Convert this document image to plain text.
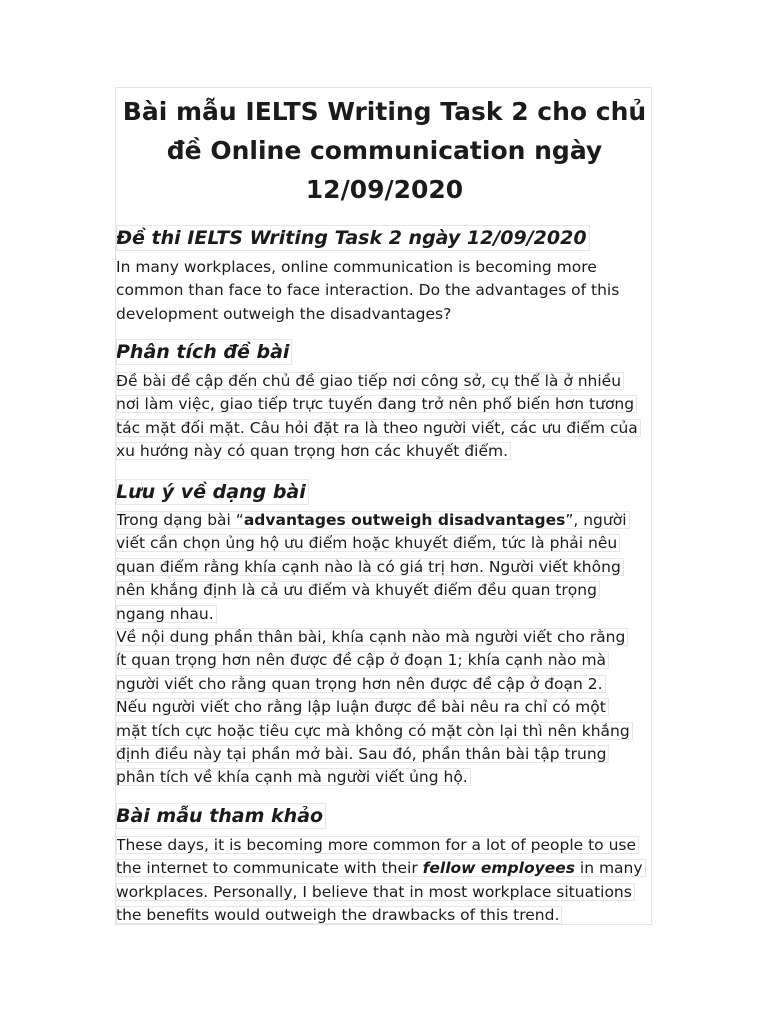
Bài mẫu IELTS Writing Task 2 cho chủ
đề Online communication ngày
12/09/2020
Đề thi IELTS Writing Task 2 ngày 12/09/2020

In many workplaces, online communication is becoming more
common than face to face interaction. Do the advantages of this
development outweigh the disadvantages?

Phân tích đề bài

Đề bài đề cập đến chủ đề giao tiếp nơi công sở, cụ thể là ở nhiều
nơi làm việc, giao tiếp trực tuyến đang trở nên phổ biến hơn tương
tác mặt đối mặt. Câu hỏi đặt ra là theo người viết, các ưu điểm của
xu hướng này có quan trọng hơn các khuyết điểm.

Lưu ý về dạng bài

Trong dạng bài “advantages outweigh disadvantages”, người
viết cần chọn ủng hộ ưu điểm hoặc khuyết điểm, tức là phải nêu
quan điểm rằng khía cạnh nào là có giá trị hơn. Người viết không
nên khẳng định là cả ưu điểm và khuyết điểm đều quan trọng
ngang nhau.
Về nội dung phần thân bài, khía cạnh nào mà người viết cho rằng
ít quan trọng hơn nên được đề cập ở đoạn 1; khía cạnh nào mà
người viết cho rằng quan trọng hơn nên được đề cập ở đoạn 2.
Nếu người viết cho rằng lập luận được đề bài nêu ra chỉ có một
mặt tích cực hoặc tiêu cực mà không có mặt còn lại thì nên khẳng
định điều này tại phần mở bài. Sau đó, phần thân bài tập trung
phân tích về khía cạnh mà người viết ủng hộ.

Bài mẫu tham khảo

These days, it is becoming more common for a lot of people to use
the internet to communicate with their fellow employees in many
workplaces. Personally, I believe that in most workplace situations
the benefits would outweigh the drawbacks of this trend.
